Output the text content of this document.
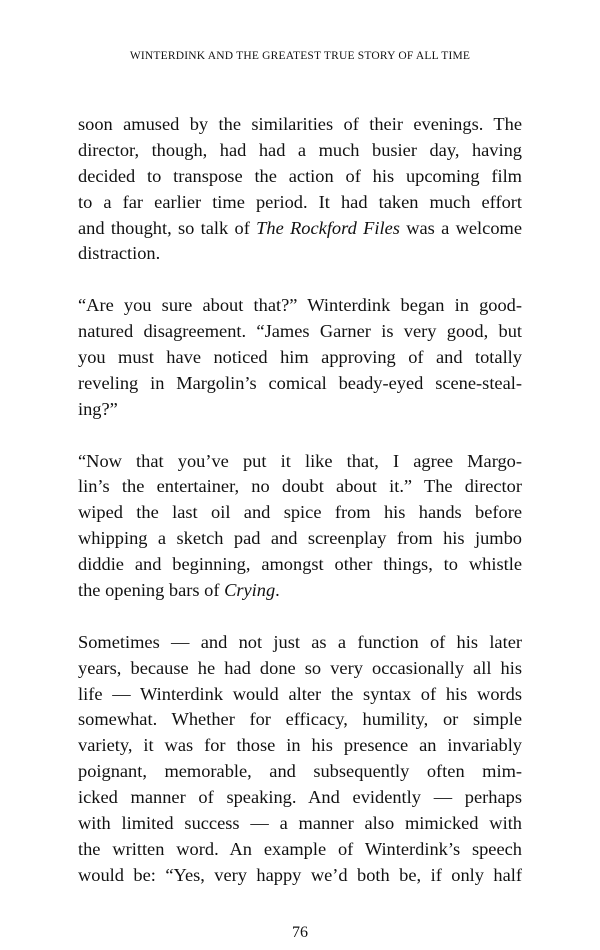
WINTERDINK AND THE GREATEST TRUE STORY OF ALL TIME
soon amused by the similarities of their evenings. The
director, though, had had a much busier day, having
decided to transpose the action of his upcoming film
to a far earlier time period. It had taken much effort
and thought, so talk of The Rockford Files was a welcome
distraction.
“Are you sure about that?” Winterdink began in good-
natured disagreement. “James Garner is very good, but
you must have noticed him approving of and totally
reveling in Margolin’s comical beady-eyed scene-steal-
ing?”
“Now that you’ve put it like that, I agree Margo-
lin’s the entertainer, no doubt about it.” The director
wiped the last oil and spice from his hands before
whipping a sketch pad and screenplay from his jumbo
diddie and beginning, amongst other things, to whistle
the opening bars of Crying.
Sometimes — and not just as a function of his later
years, because he had done so very occasionally all his
life — Winterdink would alter the syntax of his words
somewhat. Whether for efficacy, humility, or simple
variety, it was for those in his presence an invariably
poignant, memorable, and subsequently often mim-
icked manner of speaking. And evidently — perhaps
with limited success — a manner also mimicked with
the written word. An example of Winterdink’s speech
would be: “Yes, very happy we’d both be, if only half
76
